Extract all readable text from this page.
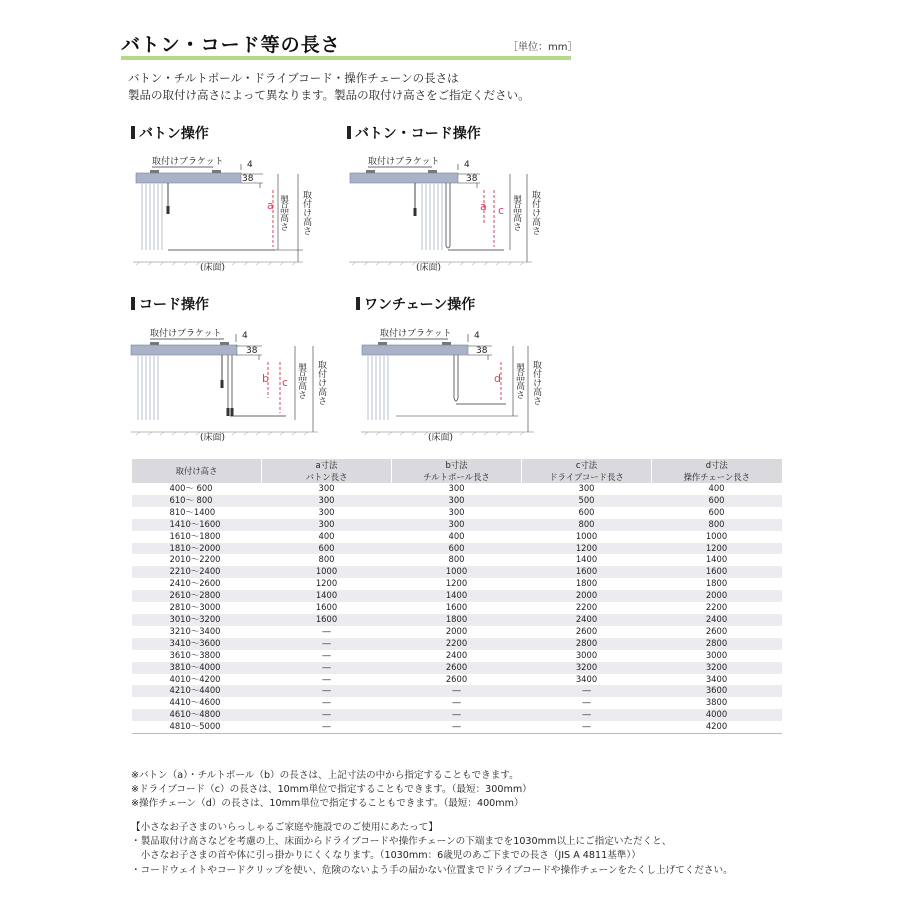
バトン・コード等の長さ	［単位：mm］
バトン・チルトポール・ドライブコード・操作チェーンの長さは
製品の取付け高さによって異なります。製品の取付け高さをご指定ください。
バトン操作
取付けブラケット	4
38
a 製品高さ 取付け高さ
(床面)
バトン・コード操作
取付けブラケット	4
38
a c 製品高さ 取付け高さ
(床面)
コード操作
取付けブラケット 4
38
b c 製品高さ 取付け高さ
(床面)
ワンチェーン操作
取付けブラケット 4
38
d 製品高さ 取付け高さ
(床面)
取付け高さ	a寸法	b寸法	c寸法	d寸法
	バトン長さ	チルトポール長さ	ドライブコード長さ	操作チェーン長さ
400～ 600	300	300	300	400
610～ 800	300	300	500	600
810～1400	300	300	600	600
1410～1600	300	300	800	800
1610～1800	400	400	1000	1000
1810～2000	600	600	1200	1200
2010～2200	800	800	1400	1400
2210～2400	1000	1000	1600	1600
2410～2600	1200	1200	1800	1800
2610～2800	1400	1400	2000	2000
2810～3000	1600	1600	2200	2200
3010～3200	1600	1800	2400	2400
3210～3400	―	2000	2600	2600
3410～3600	―	2200	2800	2800
3610～3800	―	2400	3000	3000
3810～4000	―	2600	3200	3200
4010～4200	―	2600	3400	3400
4210～4400	―	―	―	3600
4410～4600	―	―	―	3800
4610～4800	―	―	―	4000
4810～5000	―	―	―	4200
※バトン（a）・チルトポール（b）の長さは、上記寸法の中から指定することもできます。
※ドライブコード（c）の長さは、10mm単位で指定することもできます。（最短：300mm）
※操作チェーン（d）の長さは、10mm単位で指定することもできます。（最短：400mm）
【小さなお子さまのいらっしゃるご家庭や施設でのご使用にあたって】
・製品取付け高さなどを考慮の上、床面からドライブコードや操作チェーンの下端までを1030mm以上にご指定いただくと、
　小さなお子さまの首や体に引っ掛かりにくくなります。（1030mm：6歳児のあご下までの長さ（JIS A 4811基準））
・コードウェイトやコードクリップを使い、危険のないよう手の届かない位置までドライブコードや操作チェーンをたくし上げてください。
